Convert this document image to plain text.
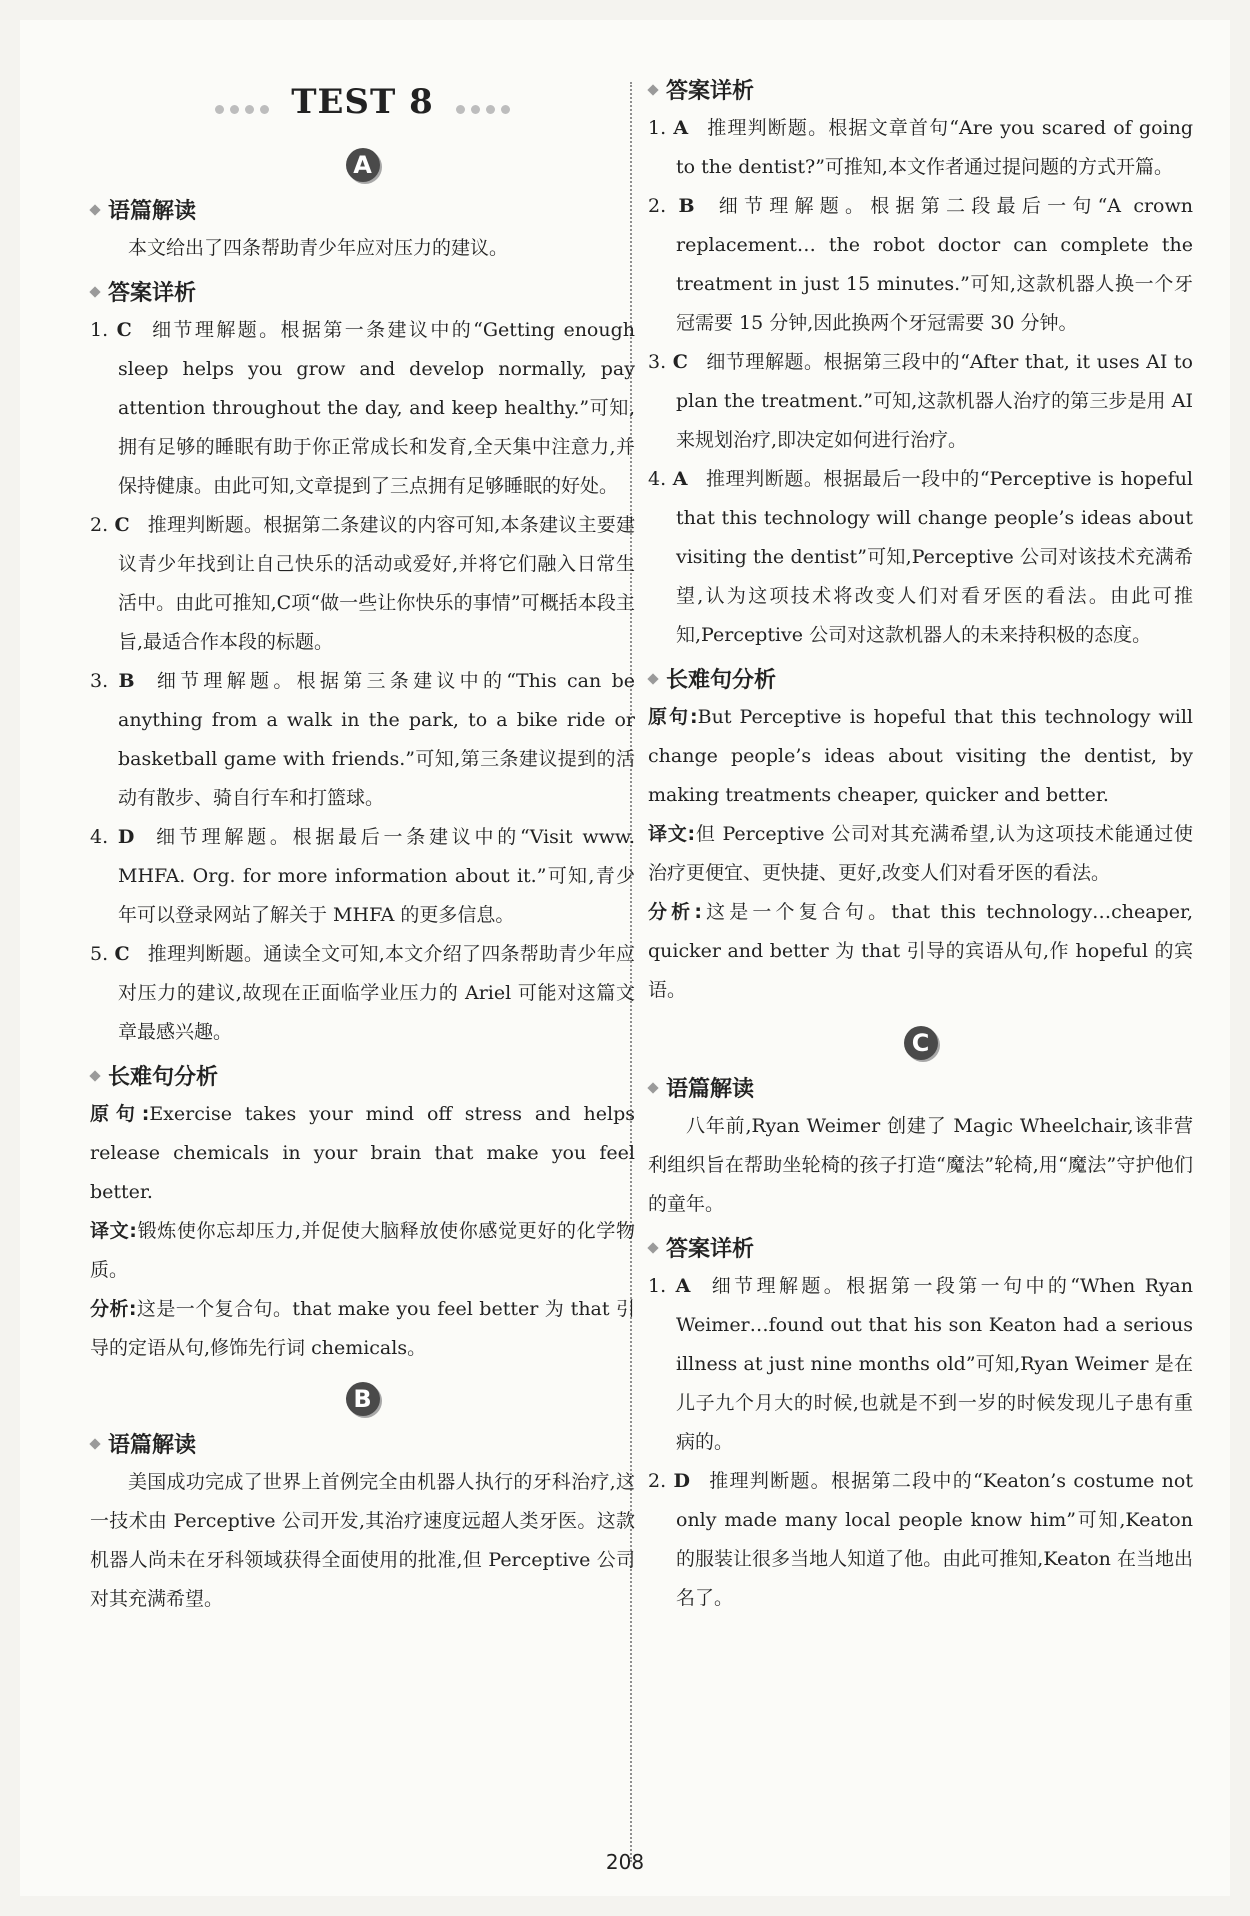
TEST 8
A
语篇解读

本文给出了四条帮助青少年应对压力的建议。

答案详析
1. C 细节理解题。根据第一条建议中的“Getting enough sleep helps you grow and develop normally, pay attention throughout the day, and keep healthy.”可知,拥有足够的睡眠有助于你正常成长和发育,全天集中注意力,并保持健康。由此可知,文章提到了三点拥有足够睡眠的好处。
2. C 推理判断题。根据第二条建议的内容可知,本条建议主要建议青少年找到让自己快乐的活动或爱好,并将它们融入日常生活中。由此可推知,C项“做一些让你快乐的事情”可概括本段主旨,最适合作本段的标题。
3. B 细节理解题。根据第三条建议中的“This can be anything from a walk in the park, to a bike ride or basketball game with friends.”可知,第三条建议提到的活动有散步、骑自行车和打篮球。
4. D 细节理解题。根据最后一条建议中的“Visit www. MHFA. Org. for more information about it.”可知,青少年可以登录网站了解关于 MHFA 的更多信息。
5. C 推理判断题。通读全文可知,本文介绍了四条帮助青少年应对压力的建议,故现在正面临学业压力的 Ariel 可能对这篇文章最感兴趣。
长难句分析

原句:Exercise takes your mind off stress and helps release chemicals in your brain that make you feel better.

译文:锻炼使你忘却压力,并促使大脑释放使你感觉更好的化学物质。

分析:这是一个复合句。that make you feel better 为 that 引导的定语从句,修饰先行词 chemicals。

B
语篇解读

美国成功完成了世界上首例完全由机器人执行的牙科治疗,这一技术由 Perceptive 公司开发,其治疗速度远超人类牙医。这款机器人尚未在牙科领域获得全面使用的批准,但 Perceptive 公司对其充满希望。

答案详析
1. A 推理判断题。根据文章首句“Are you scared of going to the dentist?”可推知,本文作者通过提问题的方式开篇。
2. B 细节理解题。根据第二段最后一句“A crown replacement… the robot doctor can complete the treatment in just 15 minutes.”可知,这款机器人换一个牙冠需要 15 分钟,因此换两个牙冠需要 30 分钟。
3. C 细节理解题。根据第三段中的“After that, it uses AI to plan the treatment.”可知,这款机器人治疗的第三步是用 AI 来规划治疗,即决定如何进行治疗。
4. A 推理判断题。根据最后一段中的“Perceptive is hopeful that this technology will change people’s ideas about visiting the dentist”可知,Perceptive 公司对该技术充满希望,认为这项技术将改变人们对看牙医的看法。由此可推知,Perceptive 公司对这款机器人的未来持积极的态度。
长难句分析

原句:But Perceptive is hopeful that this technology will change people’s ideas about visiting the dentist, by making treatments cheaper, quicker and better.

译文:但 Perceptive 公司对其充满希望,认为这项技术能通过使治疗更便宜、更快捷、更好,改变人们对看牙医的看法。

分析:这是一个复合句。that this technology…cheaper, quicker and better 为 that 引导的宾语从句,作 hopeful 的宾语。

C
语篇解读

八年前,Ryan Weimer 创建了 Magic Wheelchair,该非营利组织旨在帮助坐轮椅的孩子打造“魔法”轮椅,用“魔法”守护他们的童年。

答案详析
1. A 细节理解题。根据第一段第一句中的“When Ryan Weimer…found out that his son Keaton had a serious illness at just nine months old”可知,Ryan Weimer 是在儿子九个月大的时候,也就是不到一岁的时候发现儿子患有重病的。
2. D 推理判断题。根据第二段中的“Keaton’s costume not only made many local people know him”可知,Keaton 的服装让很多当地人知道了他。由此可推知,Keaton 在当地出名了。
208
